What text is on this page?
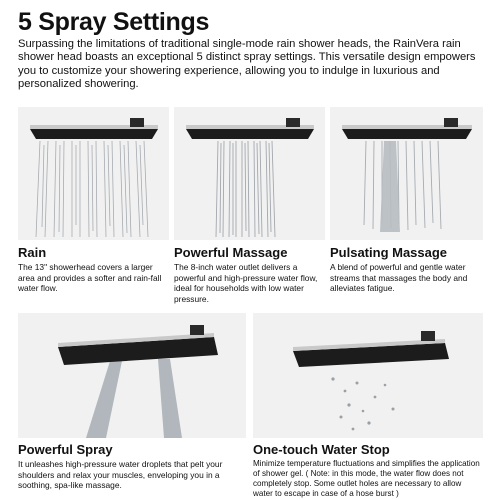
5 Spray Settings
Surpassing the limitations of traditional single-mode rain shower heads, the RainVera rain shower head boasts an exceptional 5 distinct spray settings. This versatile design empowers you to customize your showering experience, allowing you to indulge in luxurious and personalized showering.
Rain
The 13" showerhead covers a larger area and provides a softer and rain-fall water flow.
Powerful Massage
The 8-inch water outlet delivers a powerful and high-pressure water flow, ideal for households with low water pressure.
Pulsating Massage
A blend of powerful and gentle water streams that massages the body and alleviates fatigue.
Powerful Spray
It unleashes high-pressure water droplets that pelt your shoulders and relax your muscles, enveloping you in a soothing, spa-like massage.
One-touch Water Stop
Minimize temperature fluctuations and simplifies the application of shower gel. ( Note: in this mode, the water flow does not completely stop. Some outlet holes are necessary to allow water to escape in case of a hose burst )
